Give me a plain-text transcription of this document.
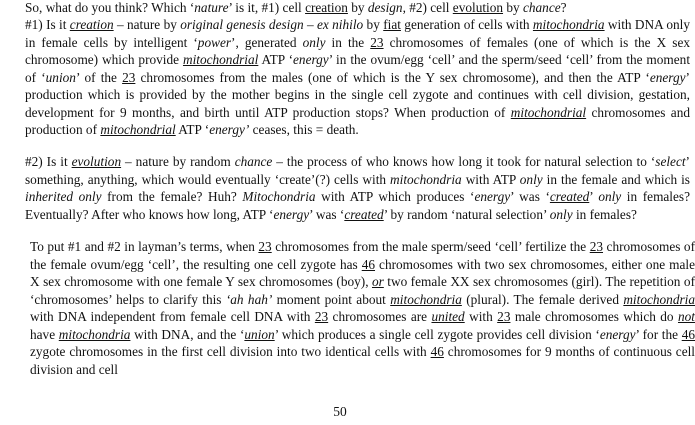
So, what do you think? Which ‘nature’ is it, #1) cell creation by design, #2) cell evolution by chance?
#1) Is it creation – nature by original genesis design – ex nihilo by fiat generation of cells with mitochondria with DNA only in female cells by intelligent ‘power’, generated only in the 23 chromosomes of females (one of which is the X sex chromosome) which provide mitochondrial ATP ‘energy’ in the ovum/egg ‘cell’ and the sperm/seed ‘cell’ from the moment of ‘union’ of the 23 chromosomes from the males (one of which is the Y sex chromosome), and then the ATP ‘energy’ production which is provided by the mother begins in the single cell zygote and continues with cell division, gestation, development for 9 months, and birth until ATP production stops? When production of mitochondrial chromosomes and production of mitochondrial ATP ‘energy’ ceases, this = death.
#2) Is it evolution – nature by random chance – the process of who knows how long it took for natural selection to ‘select’ something, anything, which would eventually ‘create’(?) cells with mitochondria with ATP only in the female and which is inherited only from the female? Huh? Mitochondria with ATP which produces ‘energy’ was ‘created’ only in females? Eventually? After who knows how long, ATP ‘energy’ was ‘created’ by random ‘natural selection’ only in females?
To put #1 and #2 in layman’s terms, when 23 chromosomes from the male sperm/seed ‘cell’ fertilize the 23 chromosomes of the female ovum/egg ‘cell’, the resulting one cell zygote has 46 chromosomes with two sex chromosomes, either one male X sex chromosome with one female Y sex chromosomes (boy), or two female XX sex chromosomes (girl). The repetition of ‘chromosomes’ helps to clarify this ‘ah hah’ moment point about mitochondria (plural). The female derived mitochondria with DNA independent from female cell DNA with 23 chromosomes are united with 23 male chromosomes which do not have mitochondria with DNA, and the ‘union’ which produces a single cell zygote provides cell division ‘energy’ for the 46 zygote chromosomes in the first cell division into two identical cells with 46 chromosomes for 9 months of continuous cell division and cell
50
